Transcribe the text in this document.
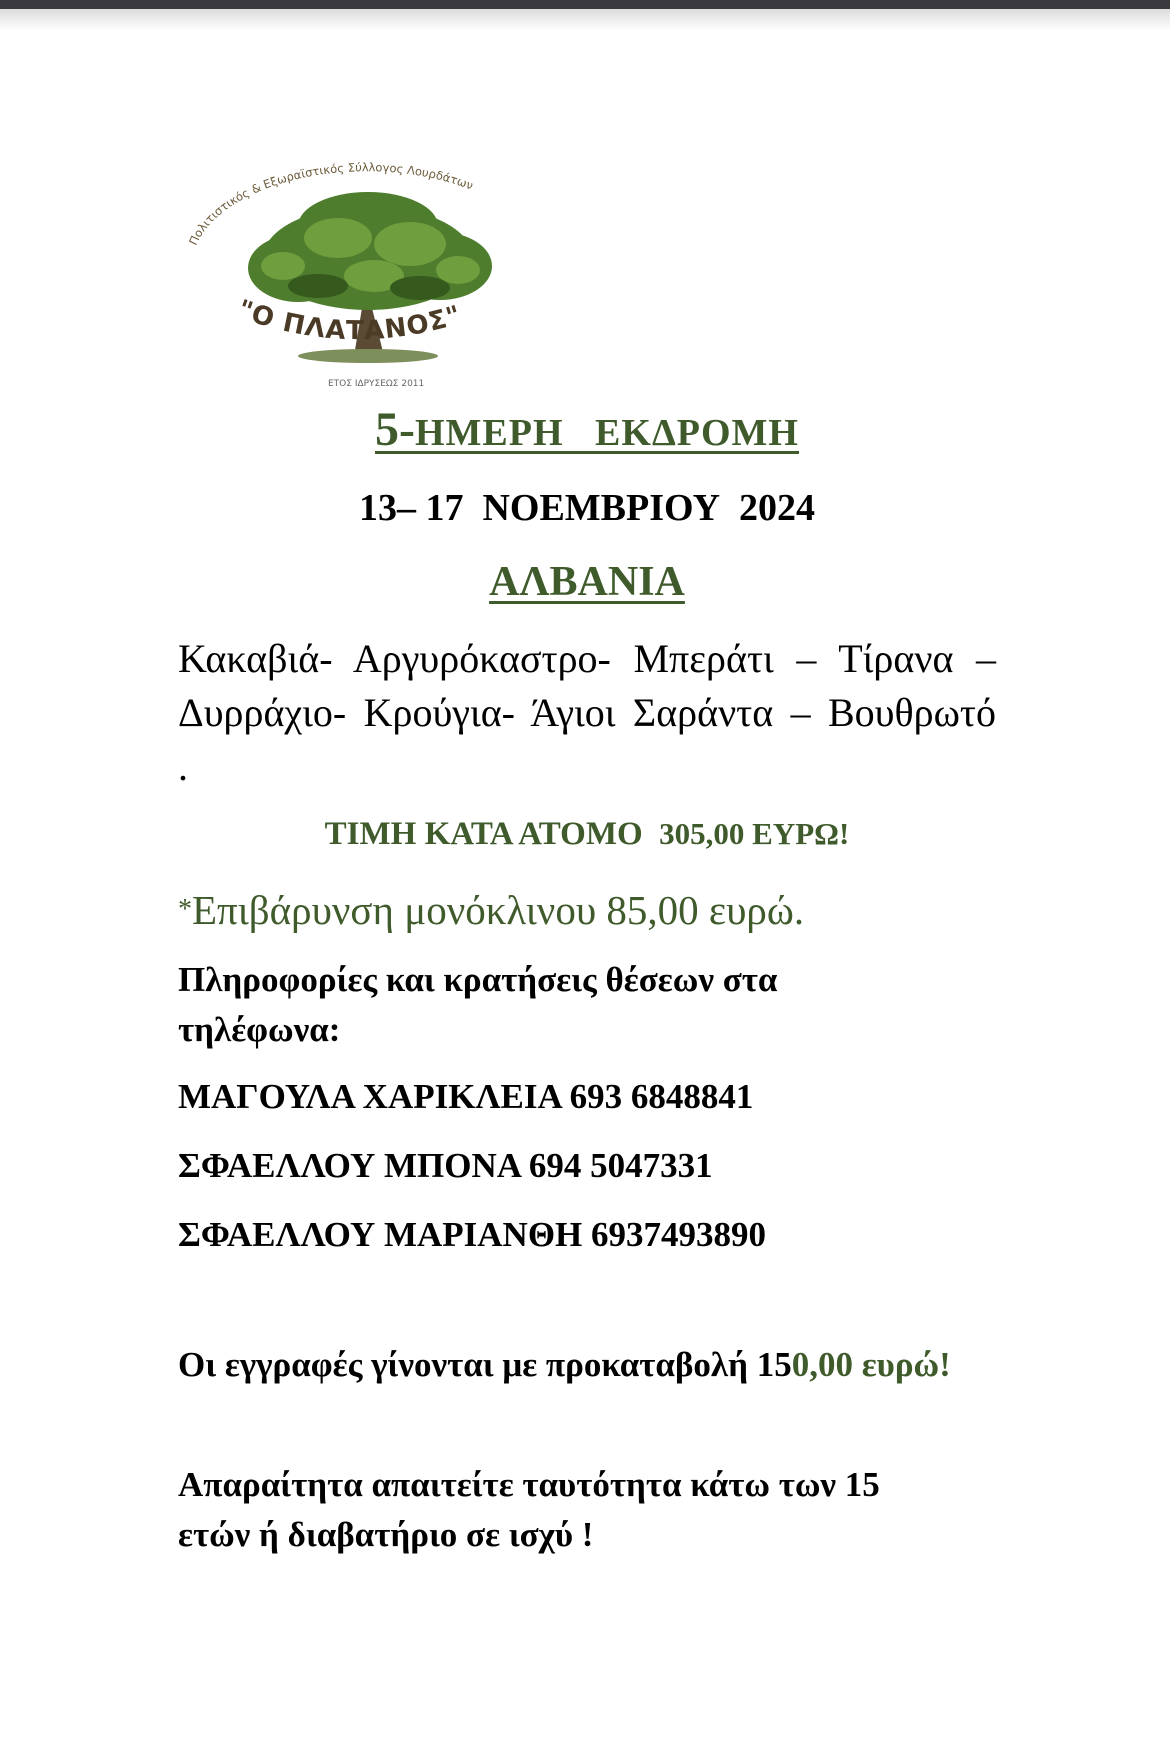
Πολιτιστικός & Εξωραϊστικός Σύλλογος Λουρδάτων
"Ο ΠΛΑΤΑΝΟΣ"
ΕΤΟΣ ΙΔΡΥΣΕΩΣ 2011
5-ΗΜΕΡΗ   ΕΚΔΡΟΜΗ
13– 17  ΝΟΕΜΒΡΙΟΥ  2024
ΑΛΒΑΝΙΑ
Κακαβιά- Αργυρόκαστρο- Μπεράτι – Τίρανα – Δυρράχιο- Κρούγια- Άγιοι Σαράντα – Βουθρωτό .
ΤΙΜΗ ΚΑΤΑ ΑΤΟΜΟ 305,00 ΕΥΡΩ!
*Επιβάρυνση μονόκλινου 85,00 ευρώ.
Πληροφορίες και κρατήσεις θέσεων στα τηλέφωνα:
ΜΑΓΟΥΛΑ ΧΑΡΙΚΛΕΙΑ 693 6848841
ΣΦΑΕΛΛΟΥ ΜΠΟΝΑ 694 5047331
ΣΦΑΕΛΛΟΥ ΜΑΡΙΑΝΘΗ 6937493890
Οι εγγραφές γίνονται με προκαταβολή 150,00 ευρώ!
Απαραίτητα απαιτείτε ταυτότητα κάτω των 15 ετών ή διαβατήριο σε ισχύ !
